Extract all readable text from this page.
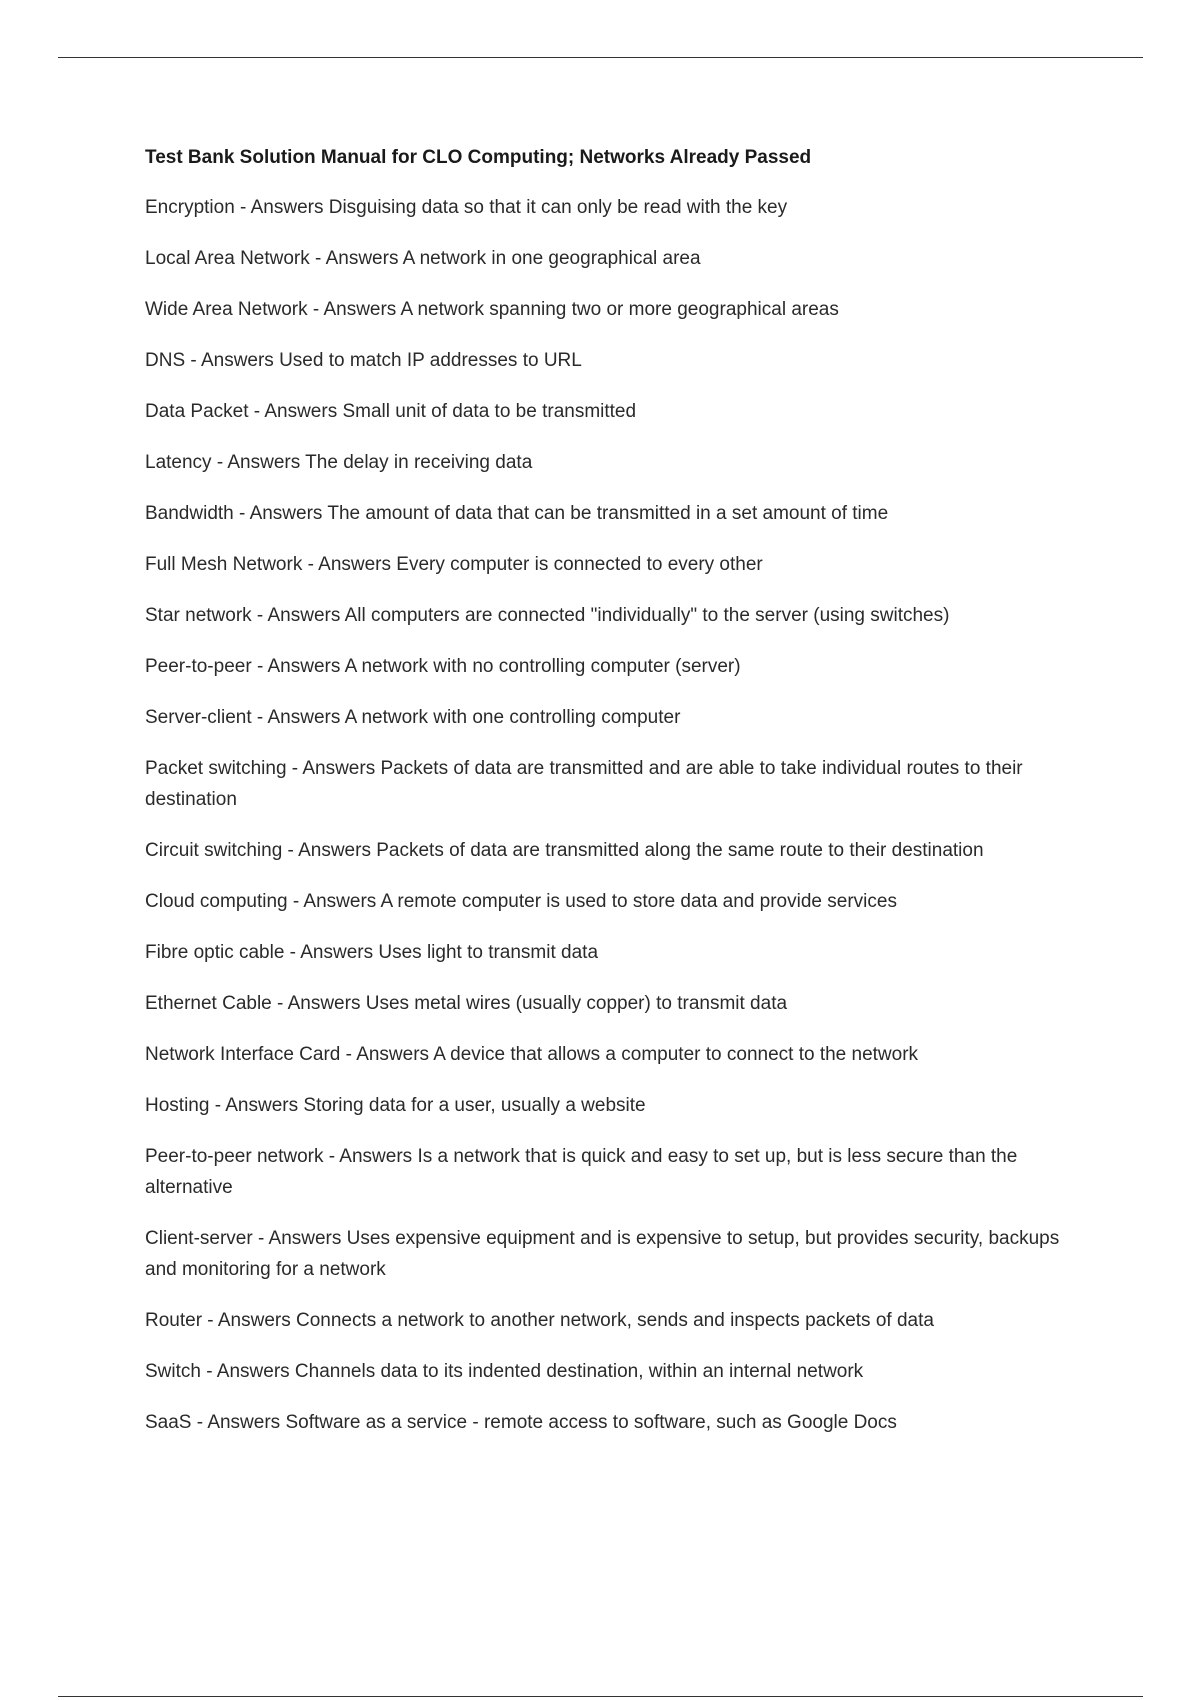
Test Bank Solution Manual for CLO Computing; Networks Already Passed
Encryption - Answers Disguising data so that it can only be read with the key
Local Area Network - Answers A network in one geographical area
Wide Area Network - Answers A network spanning two or more geographical areas
DNS - Answers Used to match IP addresses to URL
Data Packet - Answers Small unit of data to be transmitted
Latency - Answers The delay in receiving data
Bandwidth - Answers The amount of data that can be transmitted in a set amount of time
Full Mesh Network - Answers Every computer is connected to every other
Star network - Answers All computers are connected "individually" to the server (using switches)
Peer-to-peer - Answers A network with no controlling computer (server)
Server-client - Answers A network with one controlling computer
Packet switching - Answers Packets of data are transmitted and are able to take individual routes to their destination
Circuit switching - Answers Packets of data are transmitted along the same route to their destination
Cloud computing - Answers A remote computer is used to store data and provide services
Fibre optic cable - Answers Uses light to transmit data
Ethernet Cable - Answers Uses metal wires (usually copper) to transmit data
Network Interface Card - Answers A device that allows a computer to connect to the network
Hosting - Answers Storing data for a user, usually a website
Peer-to-peer network - Answers Is a network that is quick and easy to set up, but is less secure than the alternative
Client-server - Answers Uses expensive equipment and is expensive to setup, but provides security, backups and monitoring for a network
Router - Answers Connects a network to another network, sends and inspects packets of data
Switch - Answers Channels data to its indented destination, within an internal network
SaaS - Answers Software as a service - remote access to software, such as Google Docs
